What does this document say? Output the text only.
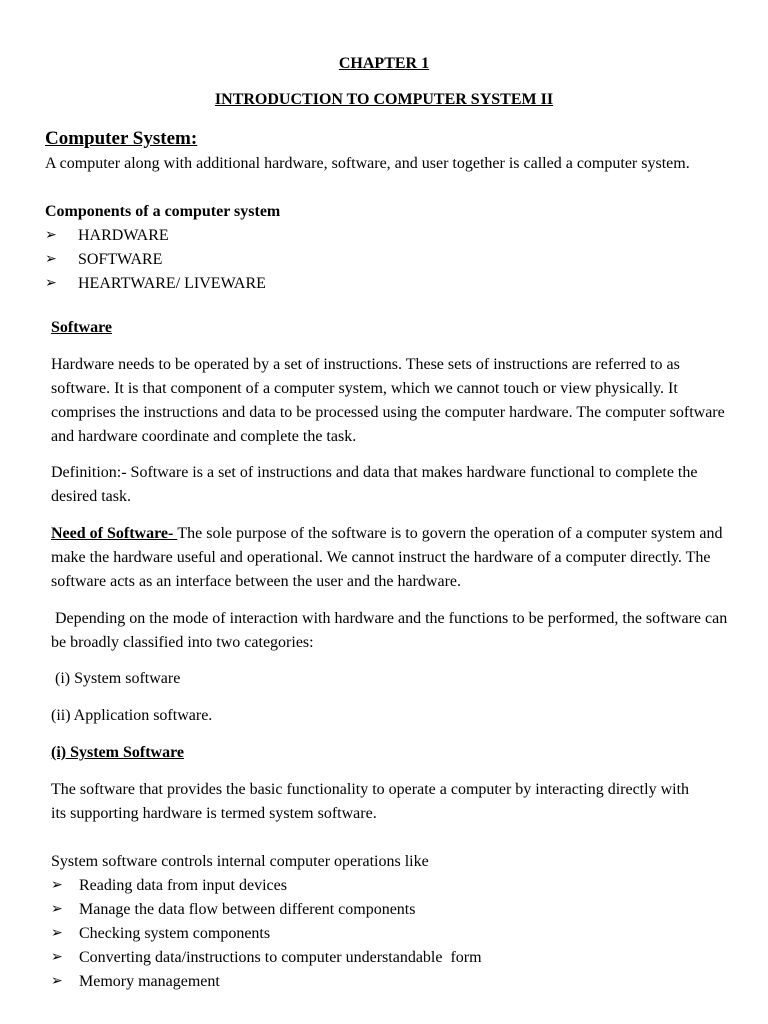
CHAPTER 1

INTRODUCTION TO COMPUTER SYSTEM II

Computer System:

A computer along with additional hardware, software, and user together is called a computer system.

Components of a computer system

➢ HARDWARE
➢ SOFTWARE
➢ HEARTWARE/ LIVEWARE

Software

Hardware needs to be operated by a set of instructions. These sets of instructions are referred to as software. It is that component of a computer system, which we cannot touch or view physically. It comprises the instructions and data to be processed using the computer hardware. The computer software and hardware coordinate and complete the task.

Definition:- Software is a set of instructions and data that makes hardware functional to complete the desired task.

Need of Software- The sole purpose of the software is to govern the operation of a computer system and make the hardware useful and operational. We cannot instruct the hardware of a computer directly. The software acts as an interface between the user and the hardware.

Depending on the mode of interaction with hardware and the functions to be performed, the software can be broadly classified into two categories:

(i) System software

(ii) Application software.

(i) System Software

The software that provides the basic functionality to operate a computer by interacting directly with its supporting hardware is termed system software.

System software controls internal computer operations like

➢ Reading data from input devices
➢ Manage the data flow between different components
➢ Checking system components
➢ Converting data/instructions to computer understandable  form
➢ Memory management
